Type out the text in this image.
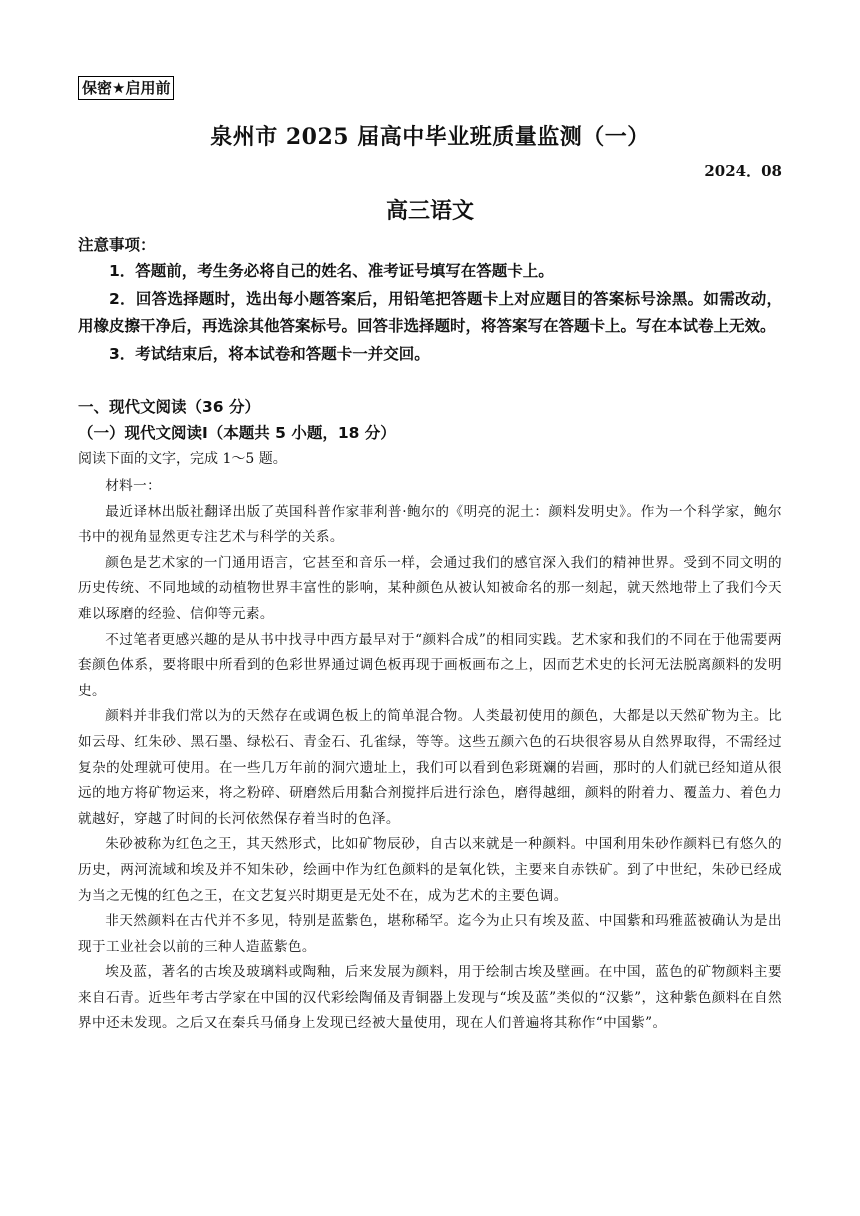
保密★启用前
泉州市 2025 届高中毕业班质量监测（一）
2024．08
高三语文
注意事项：

1．答题前，考生务必将自己的姓名、准考证号填写在答题卡上。

2．回答选择题时，选出每小题答案后，用铅笔把答题卡上对应题目的答案标号涂黑。如需改动，用橡皮擦干净后，再选涂其他答案标号。回答非选择题时，将答案写在答题卡上。写在本试卷上无效。

3．考试结束后，将本试卷和答题卡一并交回。

一、现代文阅读（36 分）
（一）现代文阅读Ⅰ（本题共 5 小题，18 分）
阅读下面的文字，完成 1～5 题。

材料一：

最近译林出版社翻译出版了英国科普作家菲利普·鲍尔的《明亮的泥土：颜料发明史》。作为一个科学家，鲍尔书中的视角显然更专注艺术与科学的关系。

颜色是艺术家的一门通用语言，它甚至和音乐一样，会通过我们的感官深入我们的精神世界。受到不同文明的历史传统、不同地域的动植物世界丰富性的影响，某种颜色从被认知被命名的那一刻起，就天然地带上了我们今天难以琢磨的经验、信仰等元素。

不过笔者更感兴趣的是从书中找寻中西方最早对于“颜料合成”的相同实践。艺术家和我们的不同在于他需要两套颜色体系，要将眼中所看到的色彩世界通过调色板再现于画板画布之上，因而艺术史的长河无法脱离颜料的发明史。

颜料并非我们常以为的天然存在或调色板上的简单混合物。人类最初使用的颜色，大都是以天然矿物为主。比如云母、红朱砂、黑石墨、绿松石、青金石、孔雀绿，等等。这些五颜六色的石块很容易从自然界取得，不需经过复杂的处理就可使用。在一些几万年前的洞穴遗址上，我们可以看到色彩斑斓的岩画，那时的人们就已经知道从很远的地方将矿物运来，将之粉碎、研磨然后用黏合剂搅拌后进行涂色，磨得越细，颜料的附着力、覆盖力、着色力就越好，穿越了时间的长河依然保存着当时的色泽。

朱砂被称为红色之王，其天然形式，比如矿物辰砂，自古以来就是一种颜料。中国利用朱砂作颜料已有悠久的历史，两河流域和埃及并不知朱砂，绘画中作为红色颜料的是氧化铁，主要来自赤铁矿。到了中世纪，朱砂已经成为当之无愧的红色之王，在文艺复兴时期更是无处不在，成为艺术的主要色调。

非天然颜料在古代并不多见，特别是蓝紫色，堪称稀罕。迄今为止只有埃及蓝、中国紫和玛雅蓝被确认为是出现于工业社会以前的三种人造蓝紫色。

埃及蓝，著名的古埃及玻璃料或陶釉，后来发展为颜料，用于绘制古埃及壁画。在中国，蓝色的矿物颜料主要来自石青。近些年考古学家在中国的汉代彩绘陶俑及青铜器上发现与“埃及蓝”类似的“汉紫”，这种紫色颜料在自然界中还未发现。之后又在秦兵马俑身上发现已经被大量使用，现在人们普遍将其称作“中国紫”。
